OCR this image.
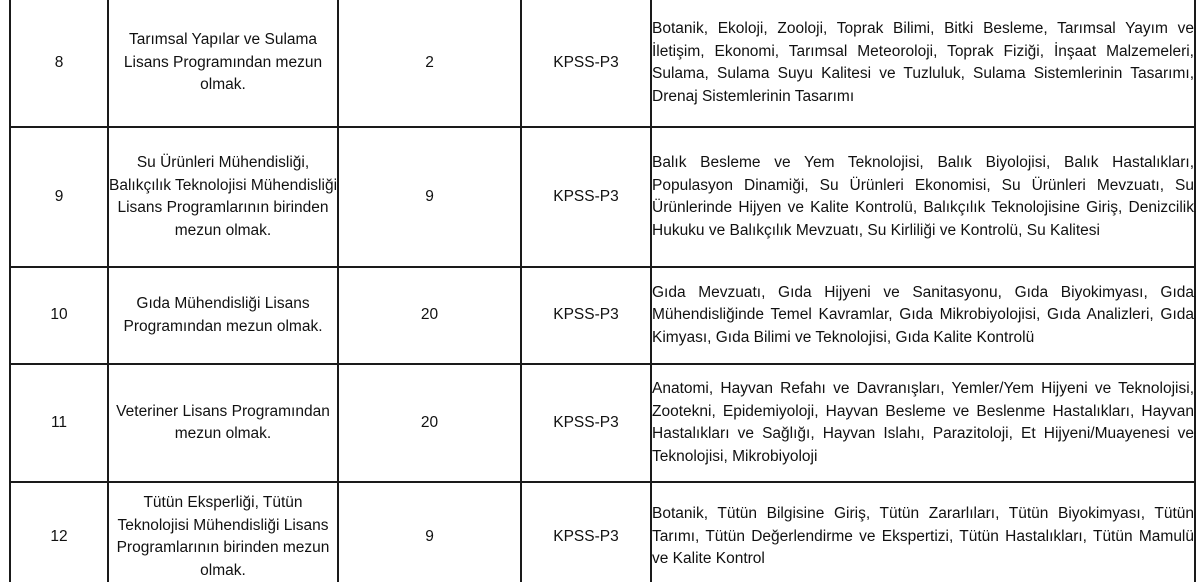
8	Tarımsal Yapılar ve Sulama Lisans Programından mezun olmak.	2	KPSS-P3	Botanik, Ekoloji, Zooloji, Toprak Bilimi, Bitki Besleme, Tarımsal Yayım ve İletişim, Ekonomi, Tarımsal Meteoroloji, Toprak Fiziği, İnşaat Malzemeleri, Sulama, Sulama Suyu Kalitesi ve Tuzluluk, Sulama Sistemlerinin Tasarımı, Drenaj Sistemlerinin Tasarımı
9	Su Ürünleri Mühendisliği, Balıkçılık Teknolojisi Mühendisliği Lisans Programlarının birinden mezun olmak.	9	KPSS-P3	Balık Besleme ve Yem Teknolojisi, Balık Biyolojisi, Balık Hastalıkları, Populasyon Dinamiği, Su Ürünleri Ekonomisi, Su Ürünleri Mevzuatı, Su Ürünlerinde Hijyen ve Kalite Kontrolü, Balıkçılık Teknolojisine Giriş, Denizcilik Hukuku ve Balıkçılık Mevzuatı, Su Kirliliği ve Kontrolü, Su Kalitesi
10	Gıda Mühendisliği Lisans Programından mezun olmak.	20	KPSS-P3	Gıda Mevzuatı, Gıda Hijyeni ve Sanitasyonu, Gıda Biyokimyası, Gıda Mühendisliğinde Temel Kavramlar, Gıda Mikrobiyolojisi, Gıda Analizleri, Gıda Kimyası, Gıda Bilimi ve Teknolojisi, Gıda Kalite Kontrolü
11	Veteriner Lisans Programından mezun olmak.	20	KPSS-P3	Anatomi, Hayvan Refahı ve Davranışları, Yemler/Yem Hijyeni ve Teknolojisi, Zootekni, Epidemiyoloji, Hayvan Besleme ve Beslenme Hastalıkları, Hayvan Hastalıkları ve Sağlığı, Hayvan Islahı, Parazitoloji, Et Hijyeni/Muayenesi ve Teknolojisi, Mikrobiyoloji
12	Tütün Eksperliği, Tütün Teknolojisi Mühendisliği Lisans Programlarının birinden mezun olmak.	9	KPSS-P3	Botanik, Tütün Bilgisine Giriş, Tütün Zararlıları, Tütün Biyokimyası, Tütün Tarımı, Tütün Değerlendirme ve Ekspertizi, Tütün Hastalıkları, Tütün Mamulü ve Kalite Kontrol
